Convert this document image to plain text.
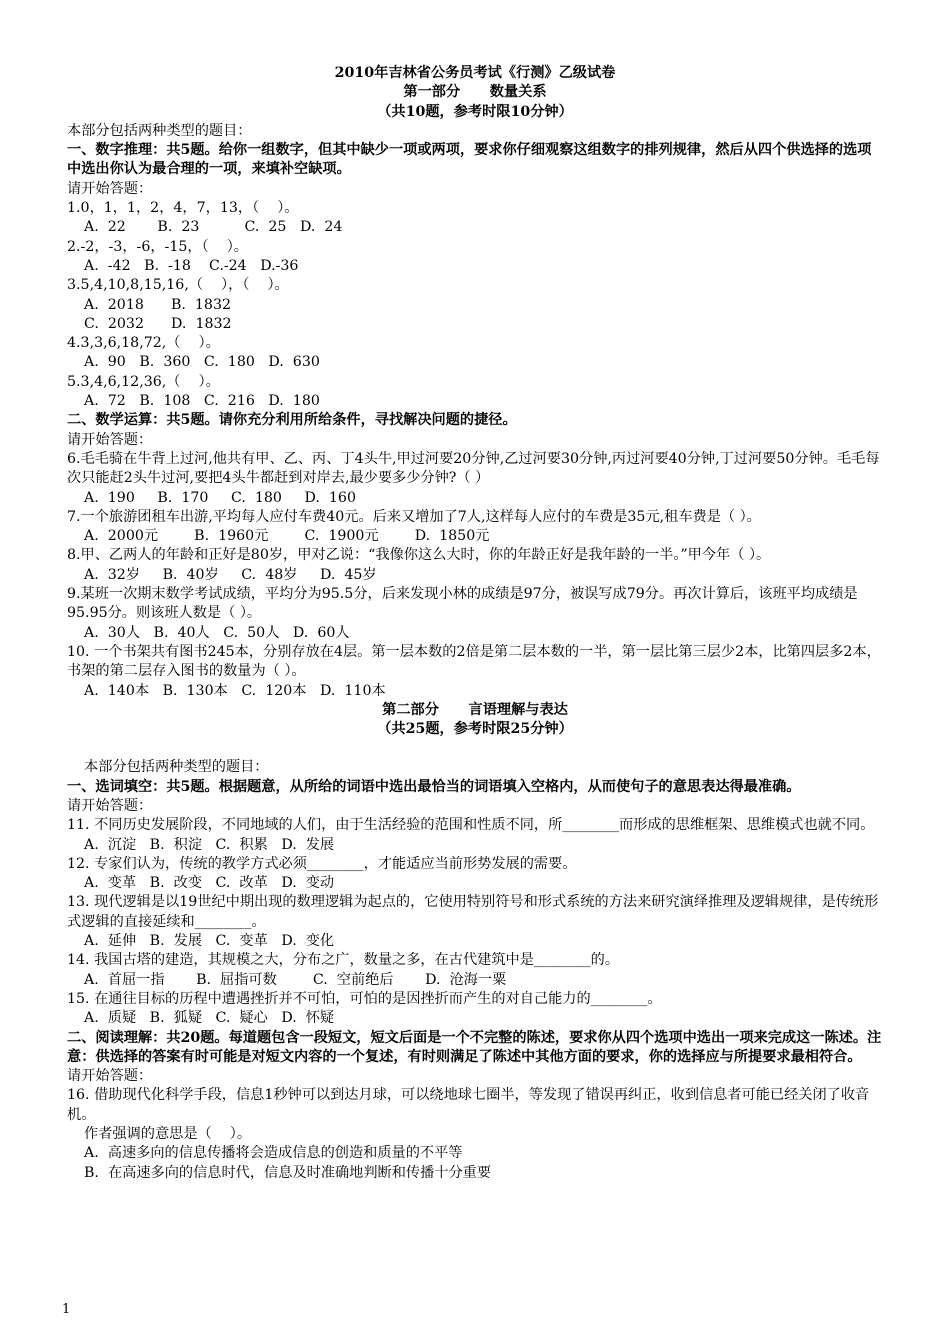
2010年吉林省公务员考试《行测》乙级试卷

第一部分      数量关系

（共10题，参考时限10分钟）

本部分包括两种类型的题目：

一、数字推理：共5题。给你一组数字，但其中缺少一项或两项，要求你仔细观察这组数字的排列规律，然后从四个供选择的选项中选出你认为最合理的一项，来填补空缺项。

请开始答题：

1.0，1，1，2，4，7，13，（    ）。

A.  22       B.  23          C.  25   D.  24

2.-2，-3，-6，-15，（    ）。

A.  -42   B.  -18    C.-24   D.-36

3.5,4,10,8,15,16,（    ），（    ）。

A.  2018      B.  1832

C.  2032      D.  1832

4.3,3,6,18,72,（    ）。

A.  90   B.  360   C.  180   D.  630

5.3,4,6,12,36,（    ）。

A.  72   B.  108   C.  216   D.  180

二、数学运算：共5题。请你充分利用所给条件，寻找解决问题的捷径。

请开始答题：

6.毛毛骑在牛背上过河,他共有甲、乙、丙、丁4头牛,甲过河要20分钟,乙过河要30分钟,丙过河要40分钟,丁过河要50分钟。毛毛每次只能赶2头牛过河,要把4头牛都赶到对岸去,最少要多少分钟?（ ）

A.  190     B.  170     C.  180     D.  160

7.一个旅游团租车出游,平均每人应付车费40元。后来又增加了7人,这样每人应付的车费是35元,租车费是（ ）。

A.  2000元        B.  1960元        C.  1900元        D.  1850元

8.甲、乙两人的年龄和正好是80岁，甲对乙说：“我像你这么大时，你的年龄正好是我年龄的一半。”甲今年（ ）。

A.  32岁     B.  40岁     C.  48岁     D.  45岁

9.某班一次期末数学考试成绩，平均分为95.5分，后来发现小林的成绩是97分，被误写成79分。再次计算后，该班平均成绩是95.95分。则该班人数是（ ）。

A.  30人   B.  40人   C.  50人   D.  60人

10. 一个书架共有图书245本，分别存放在4层。第一层本数的2倍是第二层本数的一半，第一层比第三层少2本，比第四层多2本，书架的第二层存入图书的数量为（ ）。

A.  140本   B.  130本   C.  120本   D.  110本

第二部分      言语理解与表达

（共25题，参考时限25分钟）

本部分包括两种类型的题目：

一、选词填空：共5题。根据题意，从所给的词语中选出最恰当的词语填入空格内，从而使句子的意思表达得最准确。

请开始答题：

11. 不同历史发展阶段，不同地域的人们，由于生活经验的范围和性质不同，所________而形成的思维框架、思维模式也就不同。

A.  沉淀   B.  积淀   C.  积累   D.  发展

12. 专家们认为，传统的教学方式必须________，才能适应当前形势发展的需要。

A.  变革   B.  改变   C.  改革   D.  变动

13. 现代逻辑是以19世纪中期出现的数理逻辑为起点的，它使用特别符号和形式系统的方法来研究演绎推理及逻辑规律，是传统形式逻辑的直接延续和________。

A.  延伸   B.  发展   C.  变革   D.  变化

14. 我国古塔的建造，其规模之大，分布之广，数量之多，在古代建筑中是________的。

A.  首屈一指       B.  屈指可数        C.  空前绝后       D.  沧海一粟

15. 在通往目标的历程中遭遇挫折并不可怕，可怕的是因挫折而产生的对自己能力的________。

A.  质疑   B.  狐疑   C.  疑心   D.  怀疑

二、阅读理解：共20题。每道题包含一段短文，短文后面是一个不完整的陈述，要求你从四个选项中选出一项来完成这一陈述。注意：供选择的答案有时可能是对短文内容的一个复述，有时则满足了陈述中其他方面的要求，你的选择应与所提要求最相符合。

请开始答题：

16. 借助现代化科学手段，信息1秒钟可以到达月球，可以绕地球七圈半，等发现了错误再纠正，收到信息者可能已经关闭了收音机。

作者强调的意思是（    ）。

A.  高速多向的信息传播将会造成信息的创造和质量的不平等

B.  在高速多向的信息时代，信息及时准确地判断和传播十分重要

1
